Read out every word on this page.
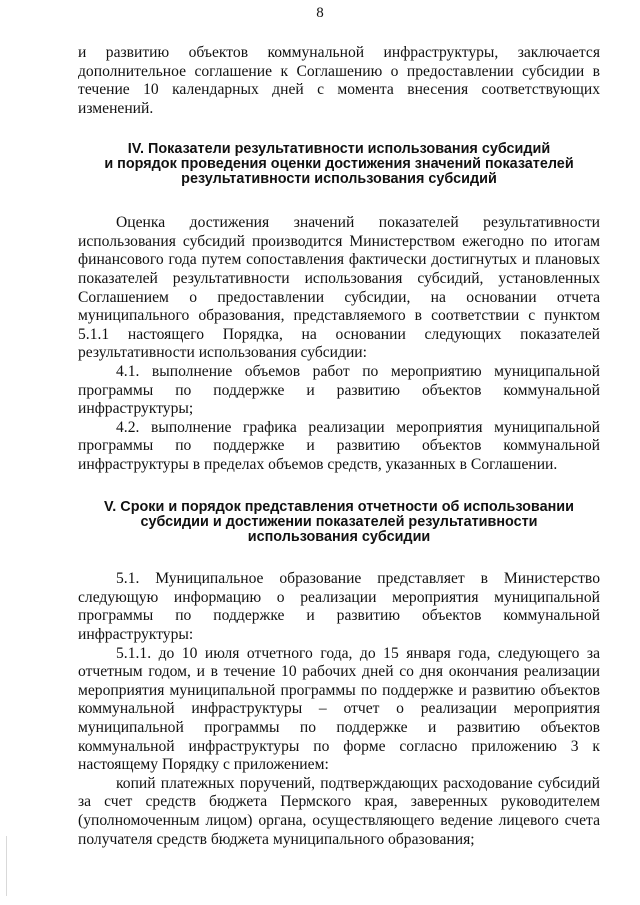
8

и развитию объектов коммунальной инфраструктуры, заключается дополнительное соглашение к Соглашению о предоставлении субсидии в течение 10 календарных дней с момента внесения соответствующих изменений.

IV. Показатели результативности использования субсидий
и порядок проведения оценки достижения значений показателей
результативности использования субсидий

Оценка достижения значений показателей результативности использования субсидий производится Министерством ежегодно по итогам финансового года путем сопоставления фактически достигнутых и плановых показателей результативности использования субсидий, установленных Соглашением о предоставлении субсидии, на основании отчета муниципального образования, представляемого в соответствии с пунктом 5.1.1 настоящего Порядка, на основании следующих показателей результативности использования субсидии:

4.1. выполнение объемов работ по мероприятию муниципальной программы по поддержке и развитию объектов коммунальной инфраструктуры;

4.2. выполнение графика реализации мероприятия муниципальной программы по поддержке и развитию объектов коммунальной инфраструктуры в пределах объемов средств, указанных в Соглашении.

V. Сроки и порядок представления отчетности об использовании
субсидии и достижении показателей результативности
использования субсидии

5.1. Муниципальное образование представляет в Министерство следующую информацию о реализации мероприятия муниципальной программы по поддержке и развитию объектов коммунальной инфраструктуры:

5.1.1. до 10 июля отчетного года, до 15 января года, следующего за отчетным годом, и в течение 10 рабочих дней со дня окончания реализации мероприятия муниципальной программы по поддержке и развитию объектов коммунальной инфраструктуры – отчет о реализации мероприятия муниципальной программы по поддержке и развитию объектов коммунальной инфраструктуры по форме согласно приложению 3 к настоящему Порядку с приложением:

копий платежных поручений, подтверждающих расходование субсидий за счет средств бюджета Пермского края, заверенных руководителем (уполномоченным лицом) органа, осуществляющего ведение лицевого счета получателя средств бюджета муниципального образования;
